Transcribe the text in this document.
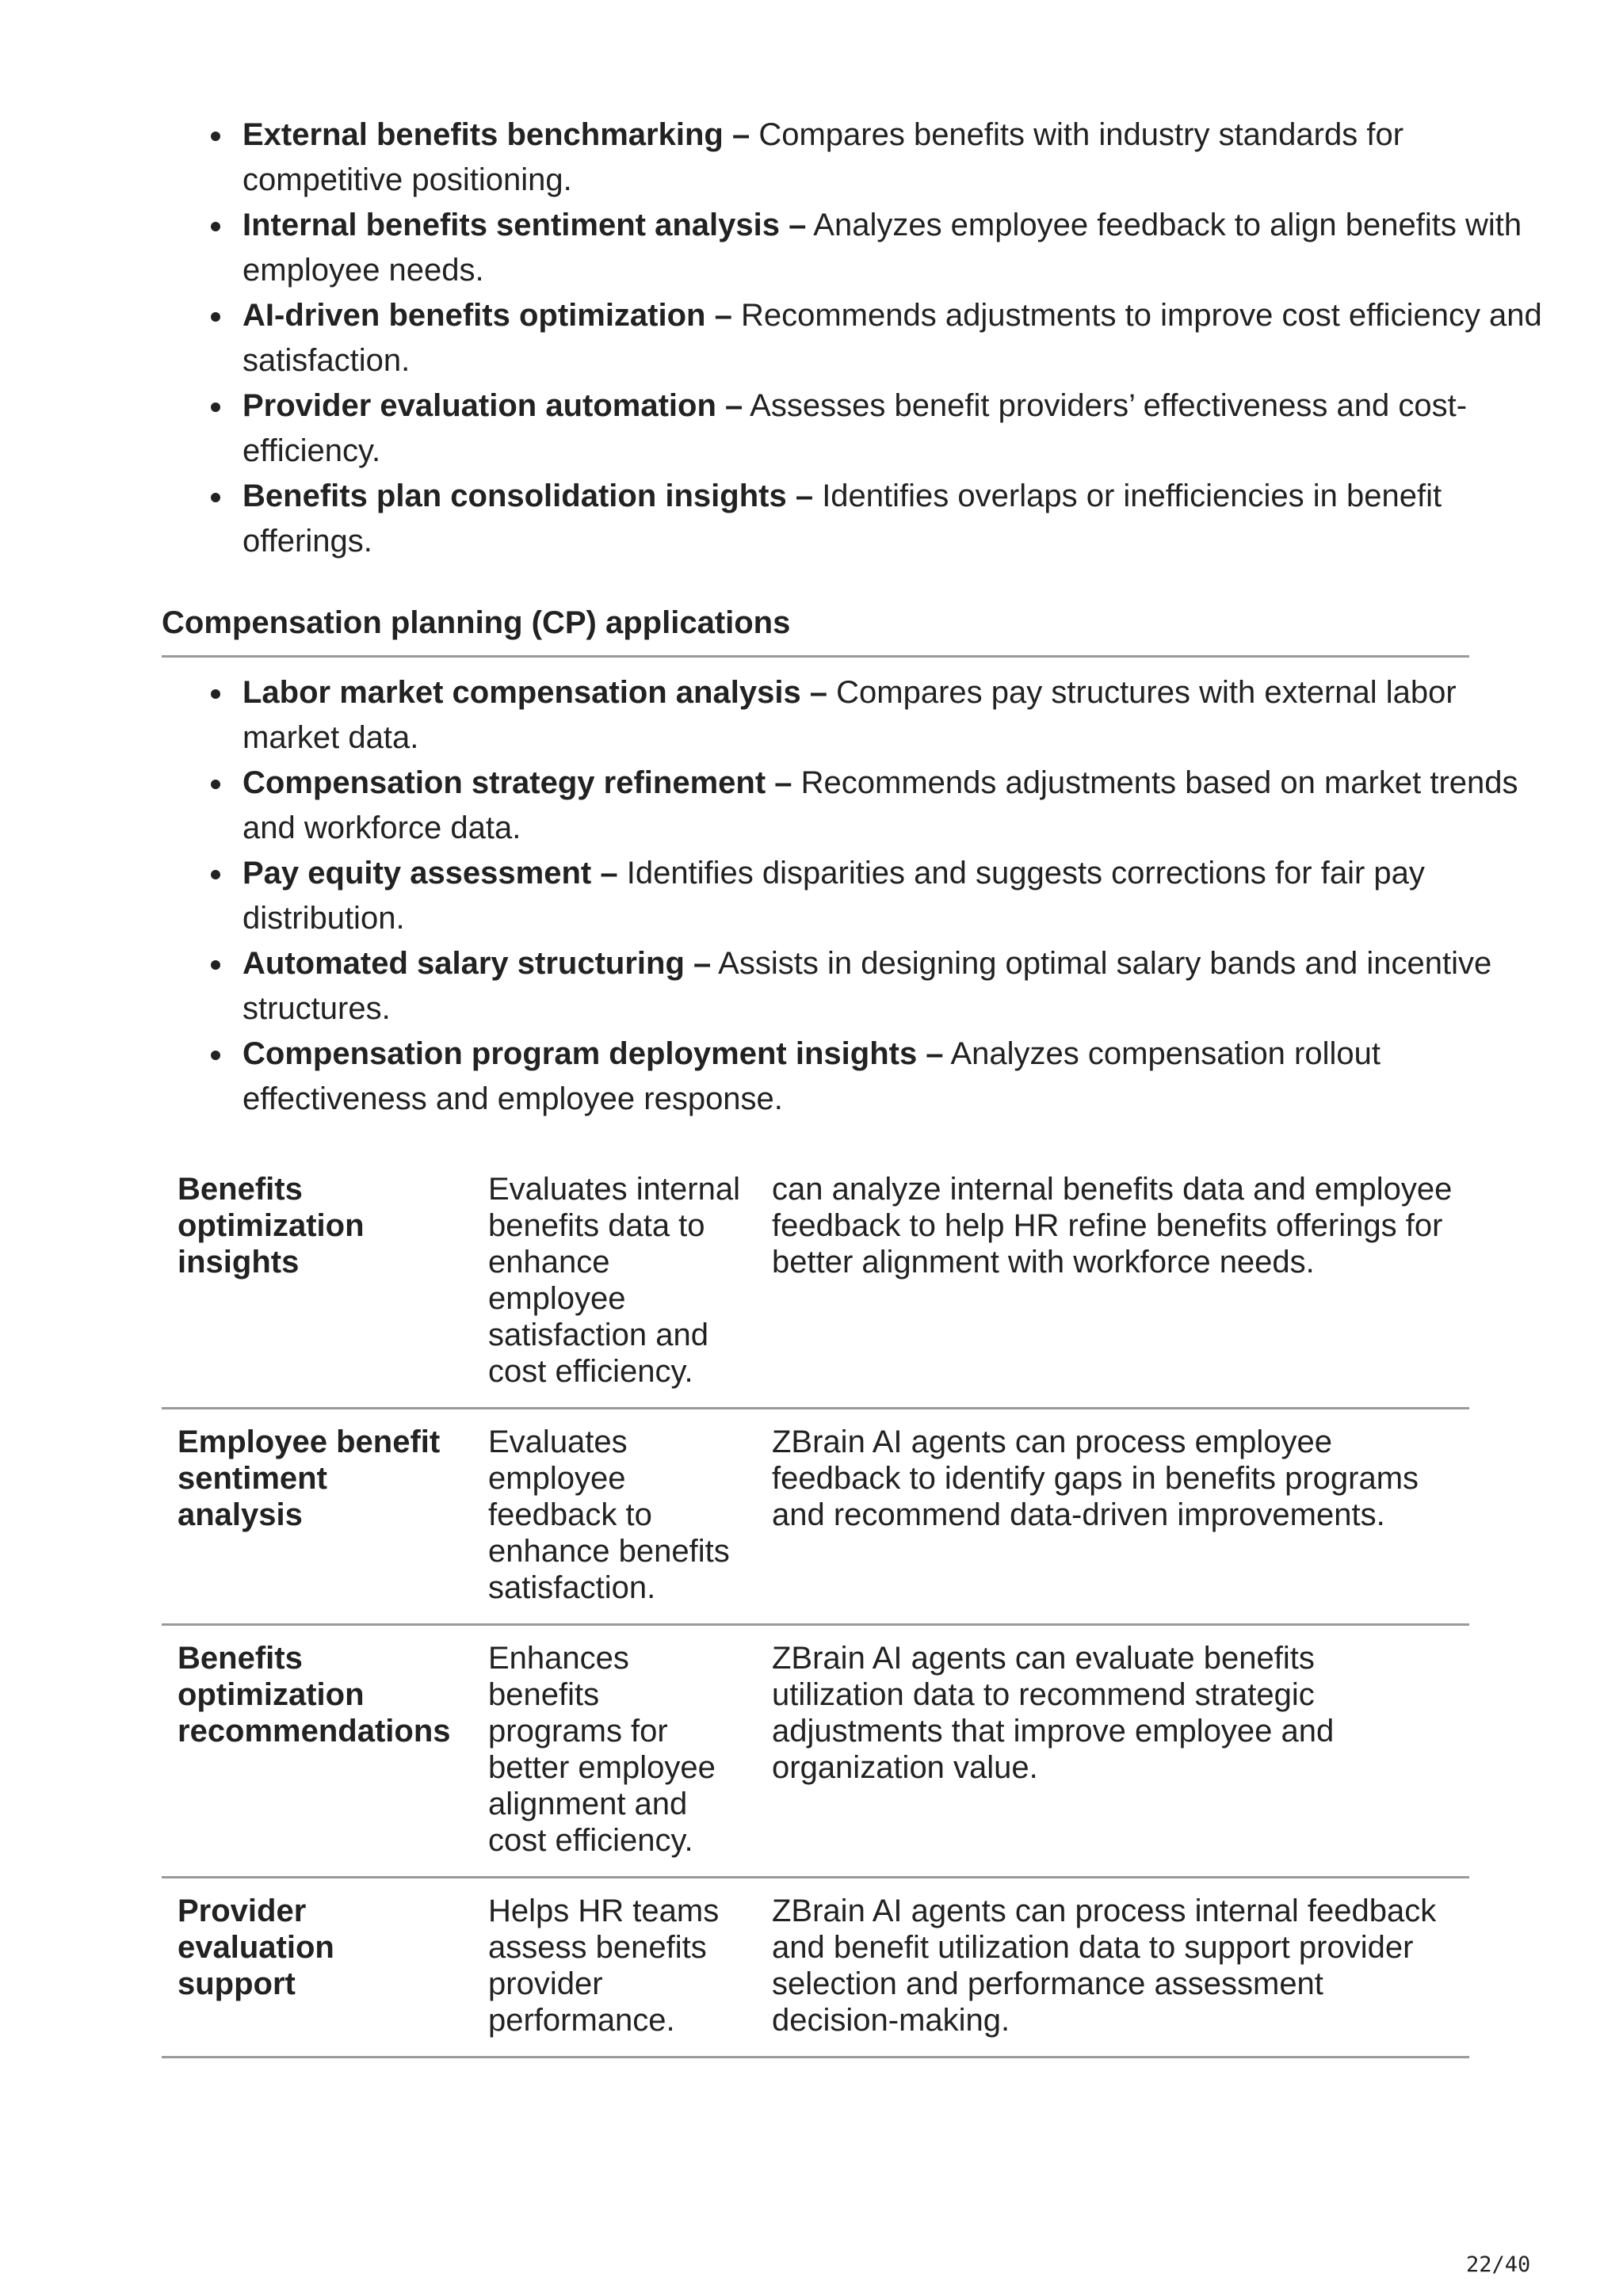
External benefits benchmarking – Compares benefits with industry standards for competitive positioning.
Internal benefits sentiment analysis – Analyzes employee feedback to align benefits with employee needs.
AI-driven benefits optimization – Recommends adjustments to improve cost efficiency and satisfaction.
Provider evaluation automation – Assesses benefit providers’ effectiveness and cost-efficiency.
Benefits plan consolidation insights – Identifies overlaps or inefficiencies in benefit offerings.
Compensation planning (CP) applications
Labor market compensation analysis – Compares pay structures with external labor market data.
Compensation strategy refinement – Recommends adjustments based on market trends and workforce data.
Pay equity assessment – Identifies disparities and suggests corrections for fair pay distribution.
Automated salary structuring – Assists in designing optimal salary bands and incentive structures.
Compensation program deployment insights – Analyzes compensation rollout effectiveness and employee response.
Benefits optimization insights	Evaluates internal benefits data to enhance employee satisfaction and cost efficiency.	can analyze internal benefits data and employee feedback to help HR refine benefits offerings for better alignment with workforce needs.
Employee benefit sentiment analysis	Evaluates employee feedback to enhance benefits satisfaction.	ZBrain AI agents can process employee feedback to identify gaps in benefits programs and recommend data-driven improvements.
Benefits optimization recommendations	Enhances benefits programs for better employee alignment and cost efficiency.	ZBrain AI agents can evaluate benefits utilization data to recommend strategic adjustments that improve employee and organization value.
Provider evaluation support	Helps HR teams assess benefits provider performance.	ZBrain AI agents can process internal feedback and benefit utilization data to support provider selection and performance assessment decision-making.
22/40
